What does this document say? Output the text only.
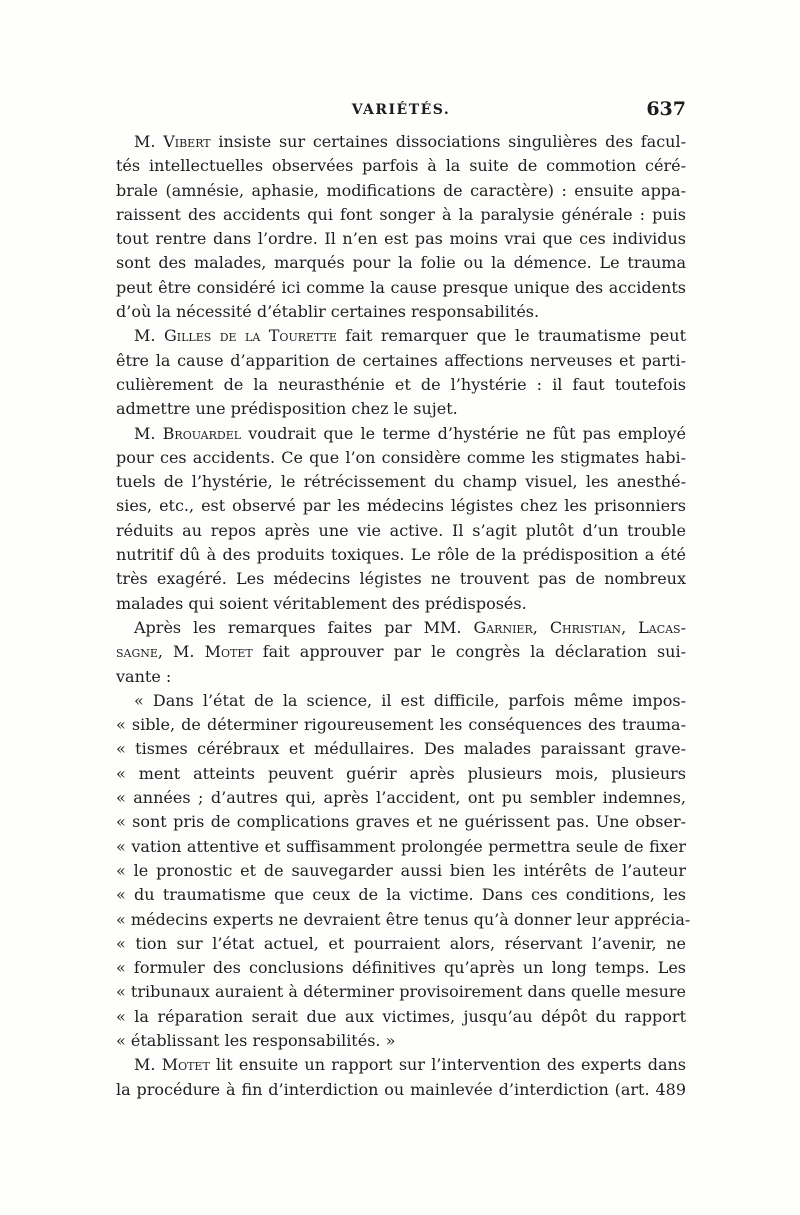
VARIÉTÉS.	637
M. Vibert insiste sur certaines dissociations singulières des facul-
tés intellectuelles observées parfois à la suite de commotion céré-
brale (amnésie, aphasie, modifications de caractère) : ensuite appa-
raissent des accidents qui font songer à la paralysie générale : puis
tout rentre dans l’ordre. Il n’en est pas moins vrai que ces individus
sont des malades, marqués pour la folie ou la démence. Le trauma
peut être considéré ici comme la cause presque unique des accidents
d’où la nécessité d’établir certaines responsabilités.
M. Gilles de la Tourette fait remarquer que le traumatisme peut
être la cause d’apparition de certaines affections nerveuses et parti-
culièrement de la neurasthénie et de l’hystérie : il faut toutefois
admettre une prédisposition chez le sujet.
M. Brouardel voudrait que le terme d’hystérie ne fût pas employé
pour ces accidents. Ce que l’on considère comme les stigmates habi-
tuels de l’hystérie, le rétrécissement du champ visuel, les anesthé-
sies, etc., est observé par les médecins légistes chez les prisonniers
réduits au repos après une vie active. Il s’agit plutôt d’un trouble
nutritif dû à des produits toxiques. Le rôle de la prédisposition a été
très exagéré. Les médecins légistes ne trouvent pas de nombreux
malades qui soient véritablement des prédisposés.
Après les remarques faites par MM. Garnier, Christian, Lacas-
sagne, M. Motet fait approuver par le congrès la déclaration sui-
vante :
« Dans l’état de la science, il est difficile, parfois même impos-
« sible, de déterminer rigoureusement les conséquences des trauma-
« tismes cérébraux et médullaires. Des malades paraissant grave-
« ment atteints peuvent guérir après plusieurs mois, plusieurs
« années ; d’autres qui, après l’accident, ont pu sembler indemnes,
« sont pris de complications graves et ne guérissent pas. Une obser-
« vation attentive et suffisamment prolongée permettra seule de fixer
« le pronostic et de sauvegarder aussi bien les intérêts de l’auteur
« du traumatisme que ceux de la victime. Dans ces conditions, les
« médecins experts ne devraient être tenus qu’à donner leur apprécia-
« tion sur l’état actuel, et pourraient alors, réservant l’avenir, ne
« formuler des conclusions définitives qu’après un long temps. Les
« tribunaux auraient à déterminer provisoirement dans quelle mesure
« la réparation serait due aux victimes, jusqu’au dépôt du rapport
« établissant les responsabilités. »
M. Motet lit ensuite un rapport sur l’intervention des experts dans
la procédure à fin d’interdiction ou mainlevée d’interdiction (art. 489
